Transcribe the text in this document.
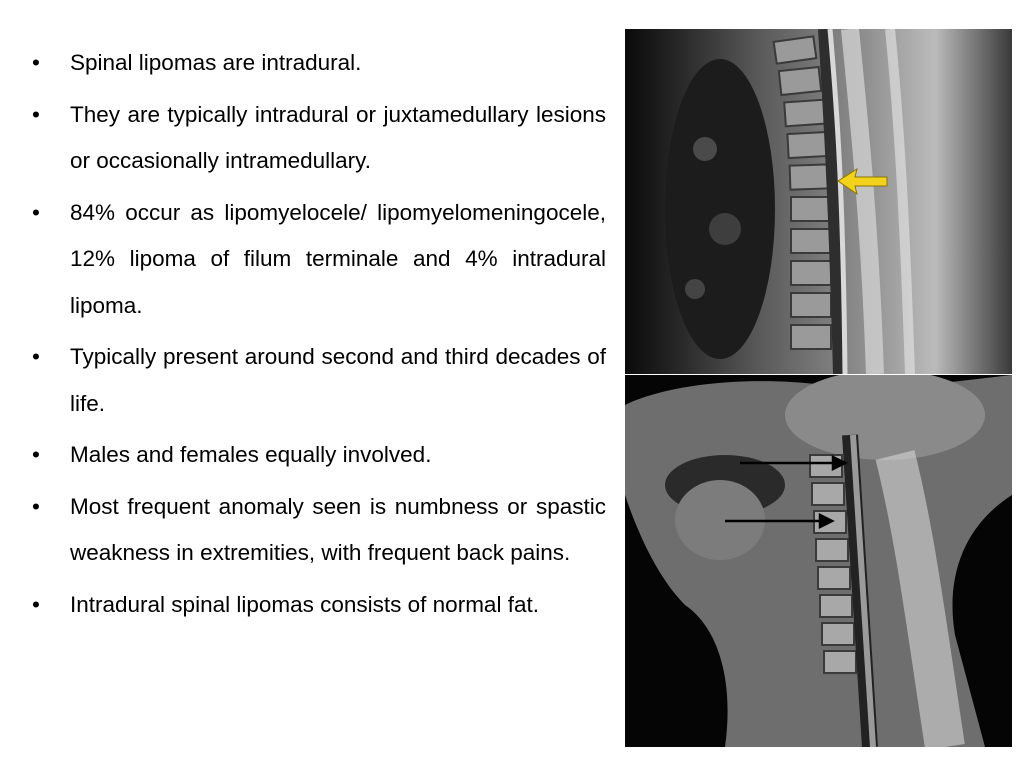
• Spinal lipomas are intradural.
• They are typically intradural or juxtamedullary lesions or occasionally intramedullary.
• 84% occur as lipomyelocele/ lipomyelomeningocele, 12% lipoma of filum terminale and 4% intradural lipoma.
• Typically present around second and third decades of life.
• Males and females equally involved.
• Most frequent anomaly seen is numbness or spastic weakness in extremities, with frequent back pains.
• Intradural spinal lipomas consists of normal fat.
